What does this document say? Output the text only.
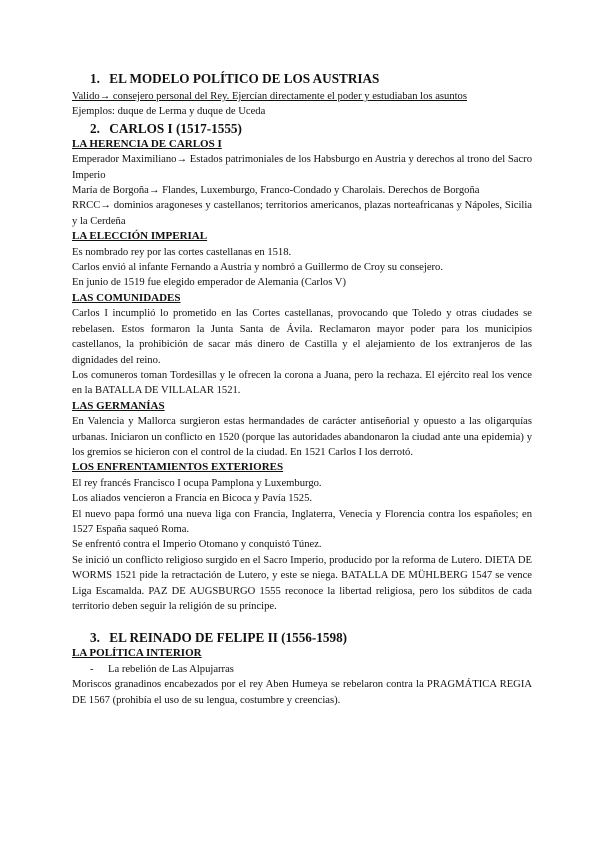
1. EL MODELO POLÍTICO DE LOS AUSTRIAS

Valido→ consejero personal del Rey. Ejercían directamente el poder y estudiaban los asuntos

Ejemplos: duque de Lerma y duque de Uceda

2. CARLOS I (1517-1555)
LA HERENCIA DE CARLOS I

Emperador Maximiliano→ Estados patrimoniales de los Habsburgo en Austria y derechos al trono del Sacro Imperio

María de Borgoña→ Flandes, Luxemburgo, Franco-Condado y Charolais. Derechos de Borgoña

RRCC→ dominios aragoneses y castellanos; territorios americanos, plazas norteafricanas y Nápoles, Sicilia y la Cerdeña

LA ELECCIÓN IMPERIAL

Es nombrado rey por las cortes castellanas en 1518.

Carlos envió al infante Fernando a Austria y nombró a Guillermo de Croy su consejero.

En junio de 1519 fue elegido emperador de Alemania (Carlos V)

LAS COMUNIDADES

Carlos I incumplió lo prometido en las Cortes castellanas, provocando que Toledo y otras ciudades se rebelasen. Estos formaron la Junta Santa de Ávila. Reclamaron mayor poder para los municipios castellanos, la prohibición de sacar más dinero de Castilla y el alejamiento de los extranjeros de las dignidades del reino.

Los comuneros toman Tordesillas y le ofrecen la corona a Juana, pero la rechaza. El ejército real los vence en la BATALLA DE VILLALAR 1521.

LAS GERMANÍAS

En Valencia y Mallorca surgieron estas hermandades de carácter antiseñorial y opuesto a las oligarquías urbanas. Iniciaron un conflicto en 1520 (porque las autoridades abandonaron la ciudad ante una epidemia) y los gremios se hicieron con el control de la ciudad. En 1521 Carlos I los derrotó.

LOS ENFRENTAMIENTOS EXTERIORES

El rey francés Francisco I ocupa Pamplona y Luxemburgo.

Los aliados vencieron a Francia en Bicoca y Pavía 1525.

El nuevo papa formó una nueva liga con Francia, Inglaterra, Venecia y Florencia contra los españoles; en 1527 España saqueó Roma.

Se enfrentó contra el Imperio Otomano y conquistó Túnez.

Se inició un conflicto religioso surgido en el Sacro Imperio, producido por la reforma de Lutero. DIETA DE WORMS 1521 pide la retractación de Lutero, y este se niega. BATALLA DE MÜHLBERG 1547 se vence Liga Escamalda. PAZ DE AUGSBURGO 1555 reconoce la libertad religiosa, pero los súbditos de cada territorio deben seguir la religión de su príncipe.

3. EL REINADO DE FELIPE II (1556-1598)
LA POLÍTICA INTERIOR

- La rebelión de Las Alpujarras

Moriscos granadinos encabezados por el rey Aben Humeya se rebelaron contra la PRAGMÁTICA REGIA DE 1567 (prohibía el uso de su lengua, costumbre y creencias).
